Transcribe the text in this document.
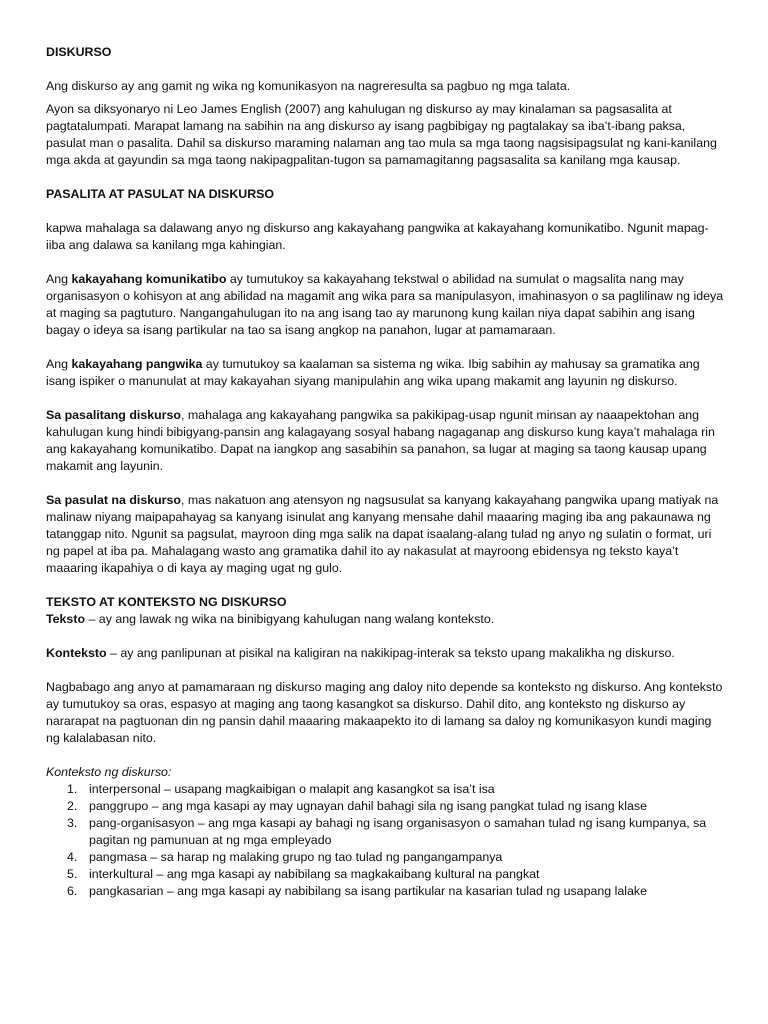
DISKURSO

Ang diskurso ay ang gamit ng wika ng komunikasyon na nagreresulta sa pagbuo ng mga talata.

Ayon sa diksyonaryo ni Leo James English (2007) ang kahulugan ng diskurso ay may kinalaman sa pagsasalita at pagtatalumpati. Marapat lamang na sabihin na ang diskurso ay isang pagbibigay ng pagtalakay sa iba’t-ibang paksa, pasulat man o pasalita. Dahil sa diskurso maraming nalaman ang tao mula sa mga taong nagsisipagsulat ng kani-kanilang mga akda at gayundin sa mga taong nakipagpalitan-tugon sa pamamagitanng pagsasalita sa kanilang mga kausap.

PASALITA AT PASULAT NA DISKURSO

kapwa mahalaga sa dalawang anyo ng diskurso ang kakayahang pangwika at kakayahang komunikatibo. Ngunit mapag-iiba ang dalawa sa kanilang mga kahingian.

Ang kakayahang komunikatibo ay tumutukoy sa kakayahang tekstwal o abilidad na sumulat o magsalita nang may organisasyon o kohisyon at ang abilidad na magamit ang wika para sa manipulasyon, imahinasyon o sa paglilinaw ng ideya at maging sa pagtuturo. Nangangahulugan ito na ang isang tao ay marunong kung kailan niya dapat sabihin ang isang bagay o ideya sa isang partikular na tao sa isang angkop na panahon, lugar at pamamaraan.

Ang kakayahang pangwika ay tumutukoy sa kaalaman sa sistema ng wika. Ibig sabihin ay mahusay sa gramatika ang isang ispiker o manunulat at may kakayahan siyang manipulahin ang wika upang makamit ang layunin ng diskurso.

Sa pasalitang diskurso, mahalaga ang kakayahang pangwika sa pakikipag-usap ngunit minsan ay naaapektohan ang kahulugan kung hindi bibigyang-pansin ang kalagayang sosyal habang nagaganap ang diskurso kung kaya’t mahalaga rin ang kakayahang komunikatibo. Dapat na iangkop ang sasabihin sa panahon, sa lugar at maging sa taong kausap upang makamit ang layunin.

Sa pasulat na diskurso, mas nakatuon ang atensyon ng nagsusulat sa kanyang kakayahang pangwika upang matiyak na malinaw niyang maipapahayag sa kanyang isinulat ang kanyang mensahe dahil maaaring maging iba ang pakaunawa ng tatanggap nito. Ngunit sa pagsulat, mayroon ding mga salik na dapat isaalang-alang tulad ng anyo ng sulatin o format, uri ng papel at iba pa. Mahalagang wasto ang gramatika dahil ito ay nakasulat at mayroong ebidensya ng teksto kaya’t maaaring ikapahiya o di kaya ay maging ugat ng gulo.

TEKSTO AT KONTEKSTO NG DISKURSO

Teksto – ay ang lawak ng wika na binibigyang kahulugan nang walang konteksto.

Konteksto – ay ang panlipunan at pisikal na kaligiran na nakikipag-interak sa teksto upang makalikha ng diskurso.

Nagbabago ang anyo at pamamaraan ng diskurso maging ang daloy nito depende sa konteksto ng diskurso. Ang konteksto ay tumutukoy sa oras, espasyo at maging ang taong kasangkot sa diskurso. Dahil dito, ang konteksto ng diskurso ay nararapat na pagtuonan din ng pansin dahil maaaring makaapekto ito di lamang sa daloy ng komunikasyon kundi maging ng kalalabasan nito.

Konteksto ng diskurso:

1. interpersonal – usapang magkaibigan o malapit ang kasangkot sa isa’t isa
2. panggrupo – ang mga kasapi ay may ugnayan dahil bahagi sila ng isang pangkat tulad ng isang klase
3. pang-organisasyon – ang mga kasapi ay bahagi ng isang organisasyon o samahan tulad ng isang kumpanya, sa pagitan ng pamunuan at ng mga empleyado
4. pangmasa – sa harap ng malaking grupo ng tao tulad ng pangangampanya
5. interkultural – ang mga kasapi ay nabibilang sa magkakaibang kultural na pangkat
6. pangkasarian – ang mga kasapi ay nabibilang sa isang partikular na kasarian tulad ng usapang lalake
